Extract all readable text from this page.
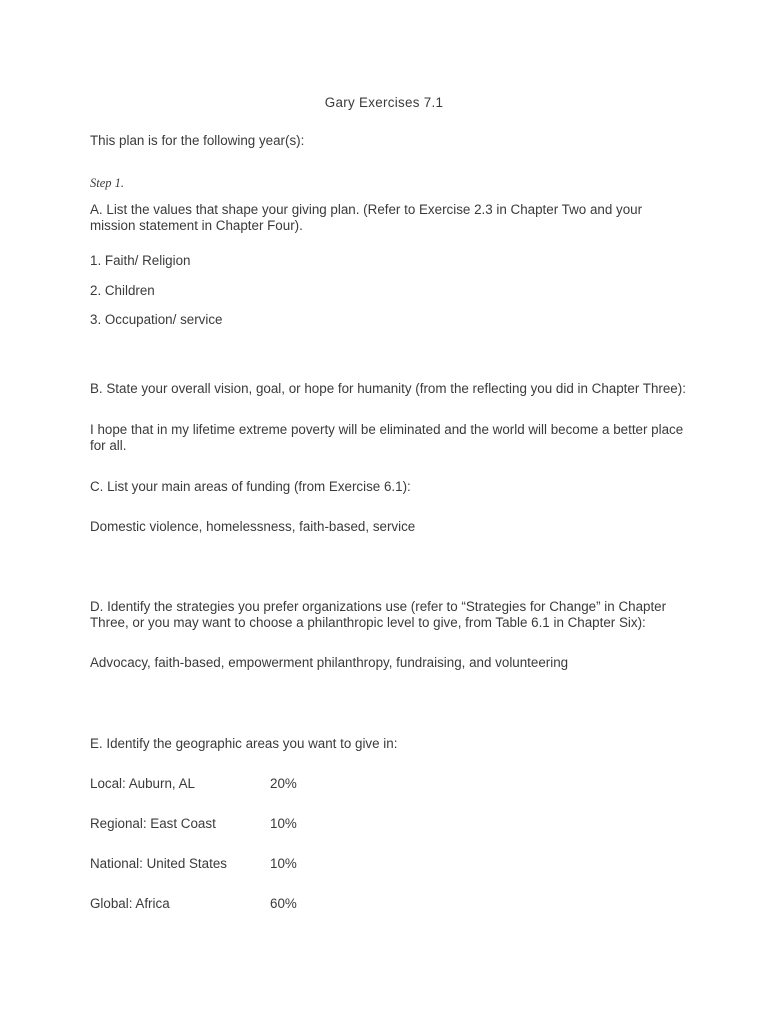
Gary Exercises 7.1
This plan is for the following year(s):
Step 1.
A. List the values that shape your giving plan. (Refer to Exercise 2.3 in Chapter Two and your
mission statement in Chapter Four).
1. Faith/ Religion
2. Children
3. Occupation/ service
B. State your overall vision, goal, or hope for humanity (from the reflecting you did in Chapter Three):
I hope that in my lifetime extreme poverty will be eliminated and the world will become a better place
for all.
C. List your main areas of funding (from Exercise 6.1):
Domestic violence, homelessness, faith-based, service
D. Identify the strategies you prefer organizations use (refer to “Strategies for Change” in Chapter
Three, or you may want to choose a philanthropic level to give, from Table 6.1 in Chapter Six):
Advocacy, faith-based, empowerment philanthropy, fundraising, and volunteering
E. Identify the geographic areas you want to give in:
Local: Auburn, AL	20%
Regional: East Coast	10%
National: United States	10%
Global: Africa	60%
